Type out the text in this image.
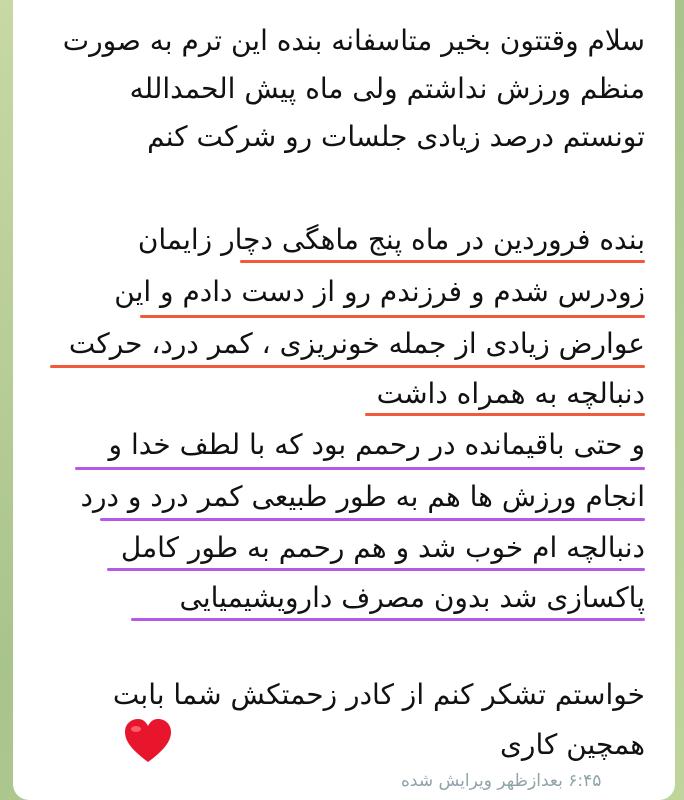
سلام وقتتون بخیر متاسفانه بنده این ترم به صورت
منظم ورزش نداشتم ولی ماه پیش الحمدالله
تونستم درصد زیادی جلسات رو شرکت کنم
بنده فروردین در ماه پنج ماهگی دچار زایمان
زودرس شدم و فرزندم رو از دست دادم و این
عوارض زیادی از جمله خونریزی ، کمر درد، حرکت
دنبالچه به همراه داشت
و حتی باقیمانده در رحمم بود که با لطف خدا و
انجام ورزش ها هم به طور طبیعی کمر درد و درد
دنبالچه ام خوب شد و هم رحمم به طور کامل
پاکسازی شد بدون مصرف دارویشیمیایی
خواستم تشکر کنم از کادر زحمتکش شما بابت
همچین کاری
۶:۴۵ بعدازظهر ویرایش شده
